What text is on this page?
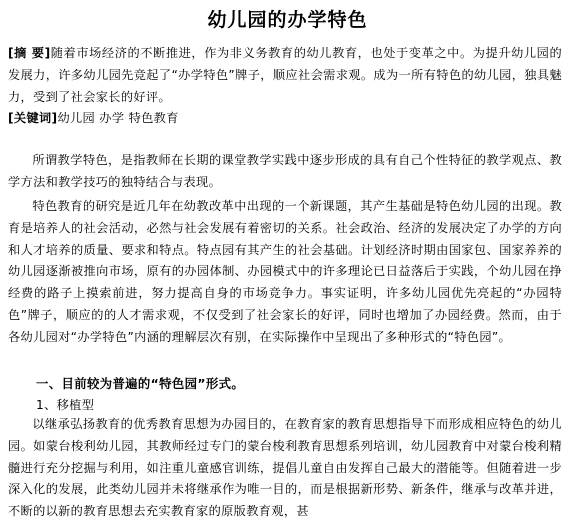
幼儿园的办学特色
[摘 要]随着市场经济的不断推进，作为非义务教育的幼儿教育，也处于变革之中。为提升幼儿园的发展力，许多幼儿园先竞起了“办学特色”牌子，顺应社会需求观。成为一所有特色的幼儿园，独具魅力，受到了社会家长的好评。
[关键词]幼儿园 办学 特色教育
所谓教学特色，是指教师在长期的课堂教学实践中逐步形成的具有自己个性特征的教学观点、教学方法和教学技巧的独特结合与表现。
特色教育的研究是近几年在幼教改革中出现的一个新课题，其产生基础是特色幼儿园的出现。教育是培养人的社会活动，必然与社会发展有着密切的关系。社会政治、经济的发展决定了办学的方向和人才培养的质量、要求和特点。特点园有其产生的社会基础。计划经济时期由国家包、国家养养的幼儿园逐渐被推向市场，原有的办园体制、办园模式中的许多理论已日益落后于实践，个幼儿园在挣经费的路子上摸索前进，努力提高自身的市场竞争力。事实证明，许多幼儿园优先亮起的“办园特色”牌子，顺应的的人才需求观，不仅受到了社会家长的好评，同时也增加了办园经费。然而，由于各幼儿园对“办学特色”内涵的理解层次有别，在实际操作中呈现出了多种形式的“特色园”。
一、目前较为普遍的“特色园”形式。
1、移植型
以继承弘扬教育的优秀教育思想为办园目的，在教育家的教育思想指导下而形成相应特色的幼儿园。如蒙台梭利幼儿园，其教师经过专门的蒙台梭利教育思想系列培训，幼儿园教育中对蒙台梭利精髓进行充分挖掘与利用，如注重儿童感官训练，提倡儿童自由发挥自己最大的潜能等。但随着进一步深入化的发展，此类幼儿园并未将继承作为唯一目的，而是根据新形势、新条件，继承与改革并进，不断的以新的教育思想去充实教育家的原版教育观，甚
